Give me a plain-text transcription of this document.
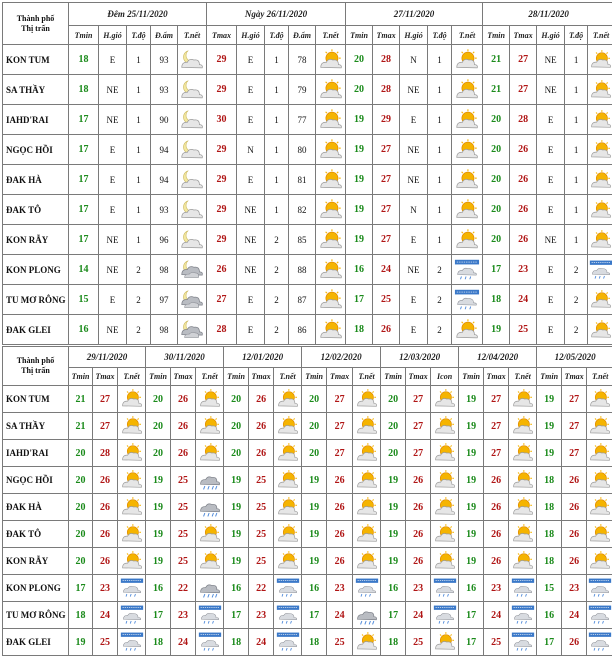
Thành phố
Thị trấn	Đêm 25/11/2020					Ngày 26/11/2020					27/11/2020					28/11/2020				
	Tmin	H.gió	T.độ	Đ.ẩm	T.nết	Tmax	H.gió	T.độ	Đ.ẩm	T.nết	Tmin	Tmax	H.gió	T.độ	T.nết	Tmin	Tmax	H.gió	T.độ	T.nết
KON TUM	18	E	1	93		29	E	1	78		20	28	N	1		21	27	NE	1	

SA THẦY	18	NE	1	93		29	E	1	79		20	28	NE	1		21	27	NE	1	

IAHD'RAI	17	NE	1	90		30	E	1	77		19	29	E	1		20	28	E	1	

NGỌC HỒI	17	E	1	94		29	N	1	80		19	27	NE	1		20	26	E	1	

ĐAK HÀ	17	E	1	94		29	E	1	81		19	27	NE	1		20	26	E	1	

ĐAK TÔ	17	E	1	93		29	NE	1	82		19	27	N	1		20	26	E	1	

KON RẪY	17	NE	1	96		29	NE	2	85		19	27	E	1		20	26	NE	1	

KON PLONG	14	NE	2	98		26	NE	2	88		16	24	NE	2		17	23	E	2	

TU MƠ RÔNG	15	E	2	97		27	E	2	87		17	25	E	2		18	24	E	2	

ĐAK GLEI	16	NE	2	98		28	E	2	86		18	26	E	2		19	25	E	2	
Thành phố
Thị trấn	29/11/2020			30/11/2020			12/01/2020			12/02/2020			12/03/2020			12/04/2020			12/05/2020		
	Tmin	Tmax	T.nết	Tmin	Tmax	T.nết	Tmin	Tmax	T.nết	Tmin	Tmax	T.nết	Tmin	Tmax	Icon	Tmin	Tmax	T.nết	Tmin	Tmax	T.nết
KON TUM	21	27		20	26		20	26		20	27		20	27		19	27		19	27	

SA THẦY	21	27		20	26		20	26		20	27		20	27		19	27		19	27	

IAHD'RAI	20	28		20	26		20	26		20	27		20	27		19	27		19	27	

NGỌC HỒI	20	26		19	25		19	25		19	26		19	26		19	26		18	26	

ĐAK HÀ	20	26		19	25		19	25		19	26		19	26		19	26		18	26	

ĐAK TÔ	20	26		19	25		19	25		19	26		19	26		19	26		18	26	

KON RẪY	20	26		19	25		19	25		19	26		19	26		19	26		18	26	

KON PLONG	17	23		16	22		16	22		16	23		16	23		16	23		15	23	

TU MƠ RÔNG	18	24		17	23		17	23		17	24		17	24		17	24		16	24	

ĐAK GLEI	19	25		18	24		18	24		18	25		18	25		17	25		17	26	
